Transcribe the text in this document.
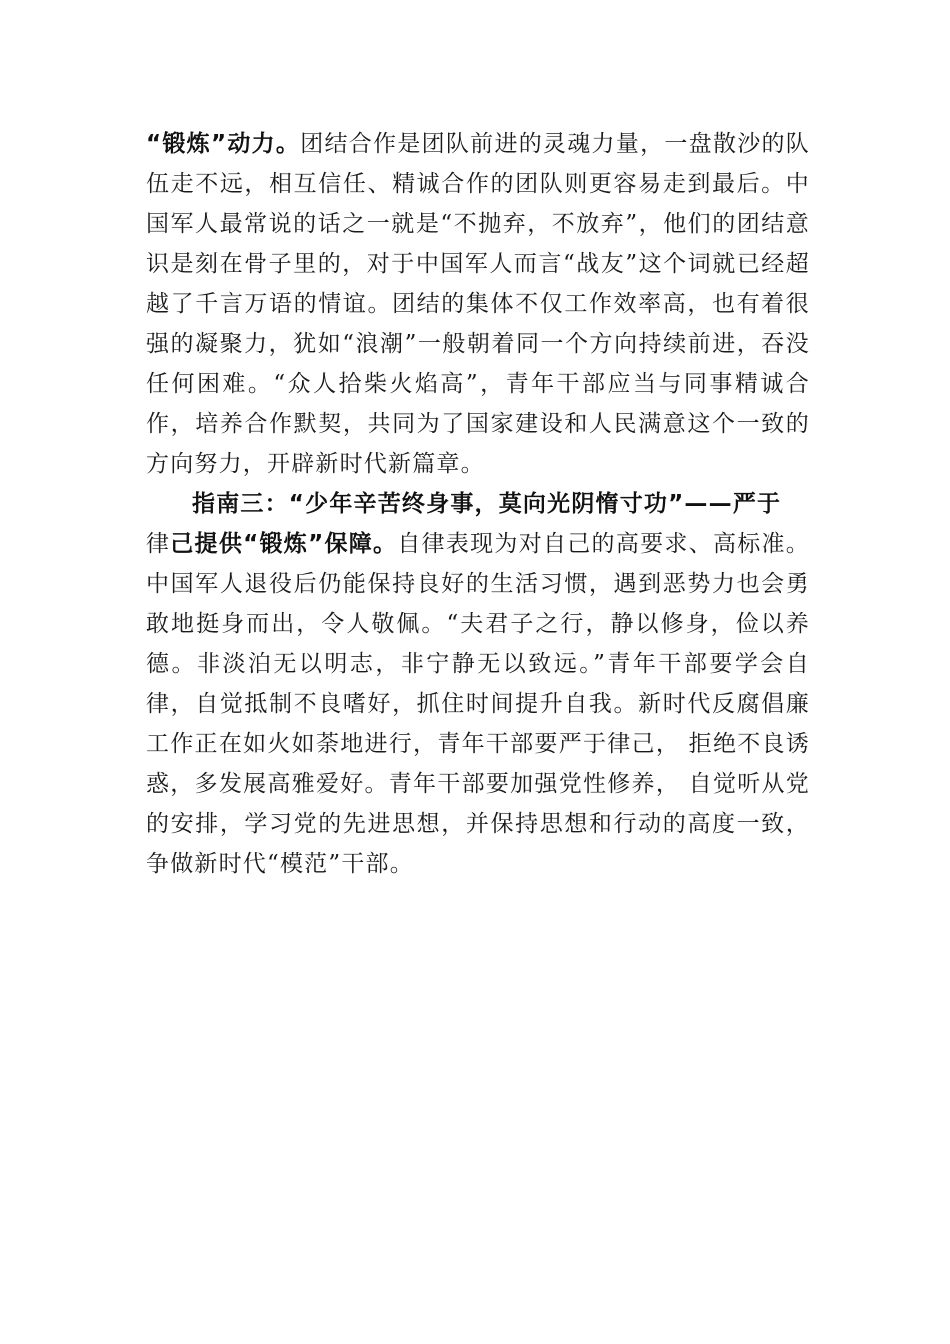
“锻炼”动力。团结合作是团队前进的灵魂力量，一盘散沙的队伍走不远，相互信任、精诚合作的团队则更容易走到最后。中国军人最常说的话之一就是“不抛弃，不放弃”，他们的团结意识是刻在骨子里的，对于中国军人而言“战友”这个词就已经超越了千言万语的情谊。团结的集体不仅工作效率高，也有着很强的凝聚力，犹如“浪潮”一般朝着同一个方向持续前进，吞没任何困难。“众人拾柴火焰高”，青年干部应当与同事精诚合作，培养合作默契，共同为了国家建设和人民满意这个一致的方向努力，开辟新时代新篇章。

指南三：“少年辛苦终身事，莫向光阴惰寸功”——严于
律己提供“锻炼”保障。自律表现为对自己的高要求、高标准。中国军人退役后仍能保持良好的生活习惯，遇到恶势力也会勇敢地挺身而出，令人敬佩。“夫君子之行，静以修身，俭以养德。非淡泊无以明志，非宁静无以致远。”青年干部要学会自律，自觉抵制不良嗜好，抓住时间提升自我。新时代反腐倡廉工作正在如火如荼地进行，青年干部要严于律己， 拒绝不良诱惑，多发展高雅爱好。青年干部要加强党性修养， 自觉听从党的安排，学习党的先进思想，并保持思想和行动的高度一致，争做新时代“模范”干部。
